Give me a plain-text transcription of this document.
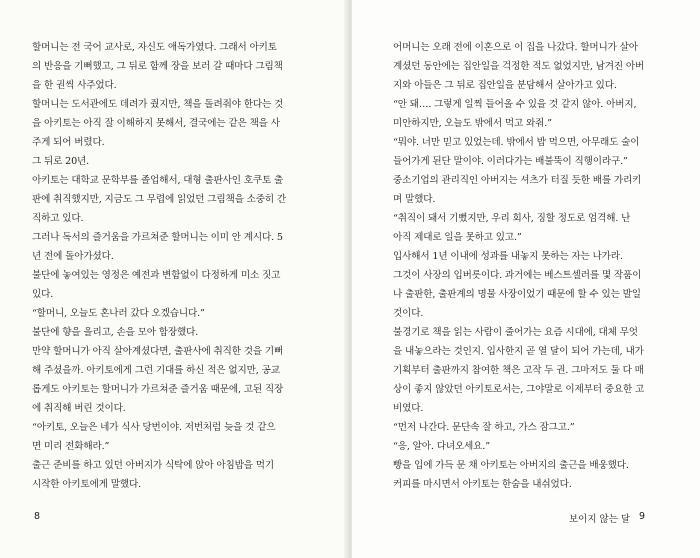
할머니는 전 국어 교사로, 자신도 애독가였다. 그래서 아키토
의 반응을 기뻐했고, 그 뒤로 함께 장을 보러 갈 때마다 그림책
을 한 권씩 사주었다.
할머니는 도서관에도 데려가 줬지만, 책을 돌려줘야 한다는 것
을 아키토는 아직 잘 이해하지 못해서, 결국에는 같은 책을 사
주게 되어 버렸다.
그 뒤로 20년.
아키토는 대학교 문학부를 졸업해서, 대형 출판사인 호쿠토 출
판에 취직했지만, 지금도 그 무렵에 읽었던 그림책을 소중히 간
직하고 있다.
그러나 독서의 즐거움을 가르쳐준 할머니는 이미 안 계시다. 5
년 전에 돌아가셨다.
불단에 놓여있는 영정은 예전과 변함없이 다정하게 미소 짓고
있다.
“할머니, 오늘도 혼나러 갔다 오겠습니다.”
불단에 향을 올리고, 손을 모아 합장했다.
만약 할머니가 아직 살아계셨다면, 출판사에 취직한 것을 기뻐
해 주셨을까. 아키토에게 그런 기대를 하신 적은 없지만, 공교
롭게도 아키토는 할머니가 가르쳐준 즐거움 때문에, 고된 직장
에 취직해 버린 것이다.
“아키토, 오늘은 네가 식사 당번이야. 저번처럼 늦을 것 같으
면 미리 전화해라.”
출근 준비를 하고 있던 아버지가 식탁에 앉아 아침밥을 먹기
시작한 아키토에게 말했다.
8
어머니는 오래 전에 이혼으로 이 집을 나갔다. 할머니가 살아
계셨던 동안에는 집안일을 걱정한 적도 없었지만, 남겨진 아버
지와 아들은 그 뒤로 집안일을 분담해서 살아가고 있다.
“안 돼…. 그렇게 일찍 들어올 수 있을 것 같지 않아. 아버지,
미안하지만, 오늘도 밖에서 먹고 와줘.”
“뭐야. 너만 믿고 있었는데. 밖에서 밥 먹으면, 아무래도 술이
들어가게 된단 말이야. 이러다가는 배불뚝이 직행이라구.”
중소기업의 관리직인 아버지는 셔츠가 터질 듯한 배를 가리키
며 말했다.
“취직이 돼서 기뻤지만, 우리 회사, 징할 정도로 엄격해. 난
아직 제대로 일을 못하고 있고.”
입사해서 1년 이내에 성과를 내놓지 못하는 자는 나가라.
그것이 사장의 입버릇이다. 과거에는 베스트셀러를 몇 작품이
나 출판한, 출판계의 명물 사장이었기 때문에 할 수 있는 발일
것이다.
불경기로 책을 읽는 사람이 줄어가는 요즘 시대에, 대체 무엇
을 내놓으라는 것인지. 입사한지 곧 열 달이 되어 가는데, 내가
기획부터 출판까지 참여한 책은 고작 두 권. 그마저도 둘 다 매
상이 좋지 않았던 아키토로서는, 그야말로 이제부터 중요한 고
비였다.
“먼저 나간다. 문단속 잘 하고, 가스 잠그고.”
“응, 알아. 다녀오세요.”
빵을 입에 가득 문 채 아키토는 아버지의 출근을 배웅했다.
커피를 마시면서 아키토는 한숨을 내쉬었다.
보이지 않는 달 9
